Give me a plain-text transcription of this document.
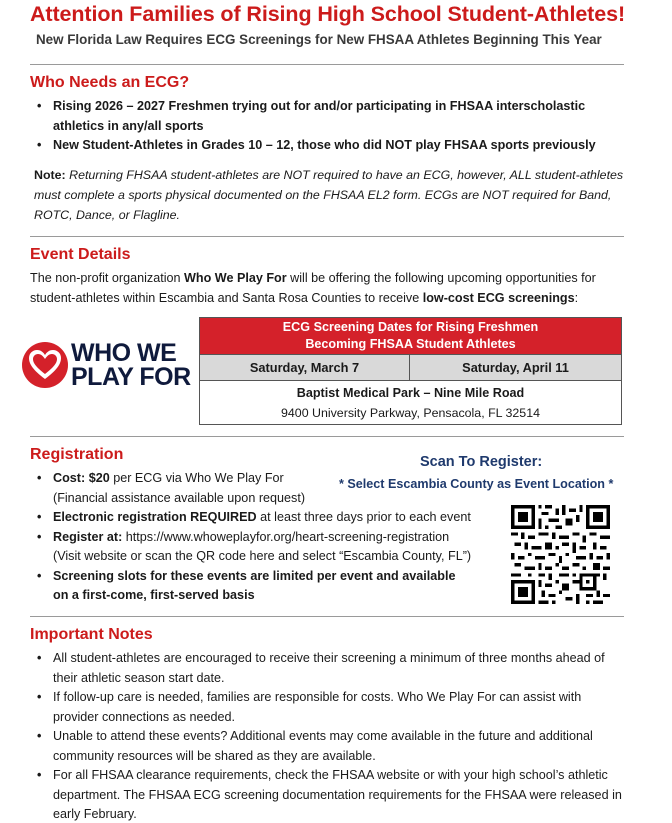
Attention Families of Rising High School Student-Athletes!
New Florida Law Requires ECG Screenings for New FHSAA Athletes Beginning This Year
Who Needs an ECG?
• Rising 2026 – 2027 Freshmen trying out for and/or participating in FHSAA interscholastic athletics in any/all sports
• New Student-Athletes in Grades 10 – 12, those who did NOT play FHSAA sports previously
Note: Returning FHSAA student-athletes are NOT required to have an ECG, however, ALL student-athletes must complete a sports physical documented on the FHSAA EL2 form. ECGs are NOT required for Band, ROTC, Dance, or Flagline.
Event Details
The non-profit organization Who We Play For will be offering the following upcoming opportunities for student-athletes within Escambia and Santa Rosa Counties to receive low-cost ECG screenings:
WHO WE
PLAY FOR
ECG Screening Dates for Rising Freshmen
Becoming FHSAA Student Athletes
Saturday, March 7	Saturday, April 11
Baptist Medical Park – Nine Mile Road
9400 University Parkway, Pensacola, FL 32514
Registration
• Cost: $20 per ECG via Who We Play For
(Financial assistance available upon request)
• Electronic registration REQUIRED at least three days prior to each event
• Register at: https://www.whoweplayfor.org/heart-screening-registration
(Visit website or scan the QR code here and select “Escambia County, FL”)
• Screening slots for these events are limited per event and available
on a first-come, first-served basis
Scan To Register:
* Select Escambia County as Event Location *
Important Notes
• All student-athletes are encouraged to receive their screening a minimum of three months ahead of their athletic season start date.
• If follow-up care is needed, families are responsible for costs. Who We Play For can assist with provider connections as needed.
• Unable to attend these events? Additional events may come available in the future and additional community resources will be shared as they are available.
• For all FHSAA clearance requirements, check the FHSAA website or with your high school’s athletic department. The FHSAA ECG screening documentation requirements for the FHSAA were released in early February.
